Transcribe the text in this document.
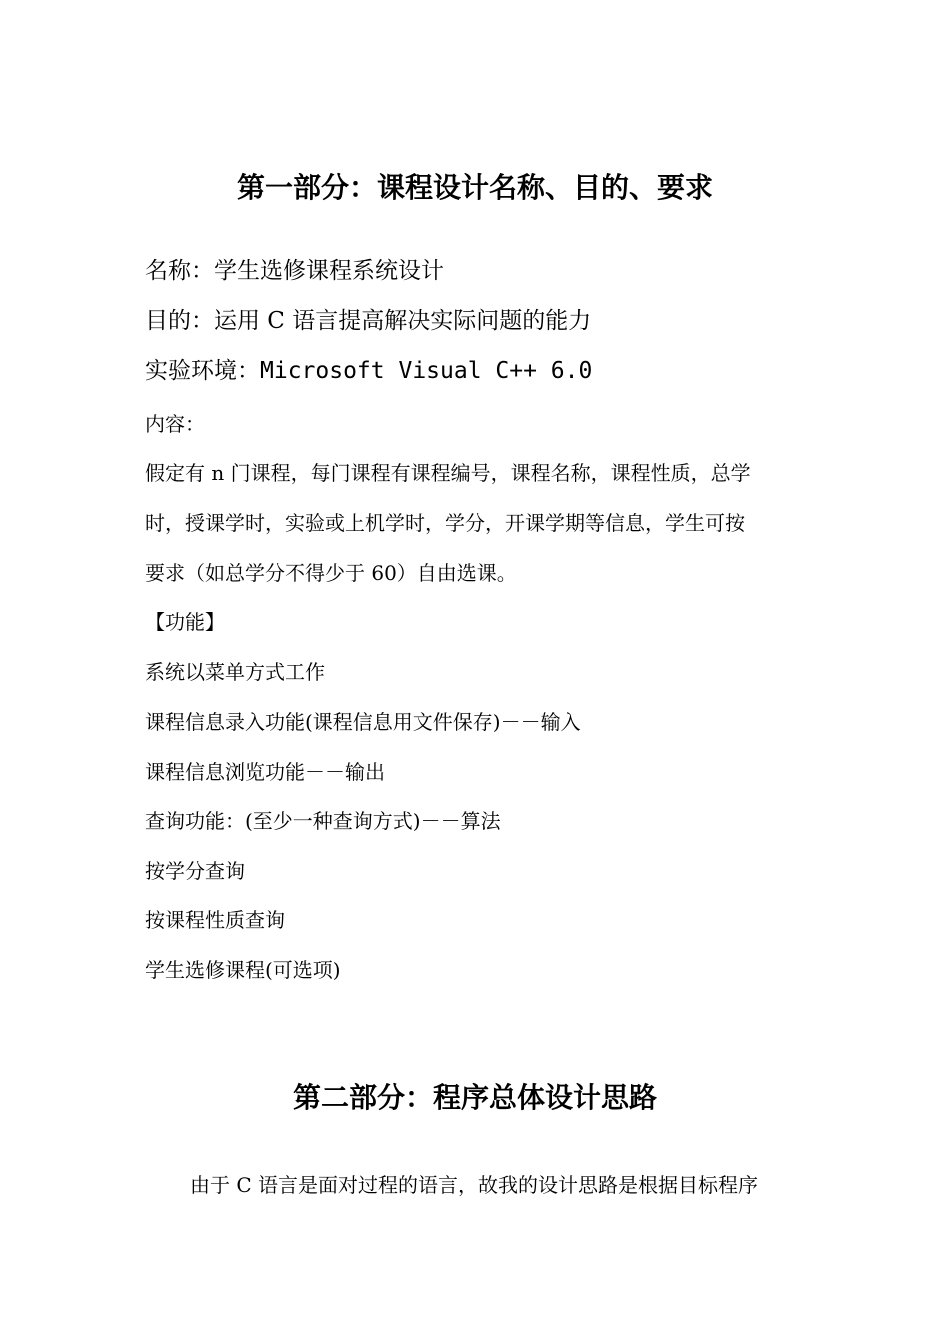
第一部分：课程设计名称、目的、要求

名称：学生选修课程系统设计

目的：运用 C 语言提高解决实际问题的能力

实验环境：Microsoft Visual C++ 6.0

内容：

假定有 n 门课程，每门课程有课程编号，课程名称，课程性质，总学

时，授课学时，实验或上机学时，学分，开课学期等信息，学生可按

要求（如总学分不得少于 60）自由选课。

【功能】

系统以菜单方式工作

课程信息录入功能(课程信息用文件保存)－－输入

课程信息浏览功能－－输出

查询功能：(至少一种查询方式)－－算法

按学分查询

按课程性质查询

学生选修课程(可选项)

第二部分：程序总体设计思路

由于 C 语言是面对过程的语言，故我的设计思路是根据目标程序
